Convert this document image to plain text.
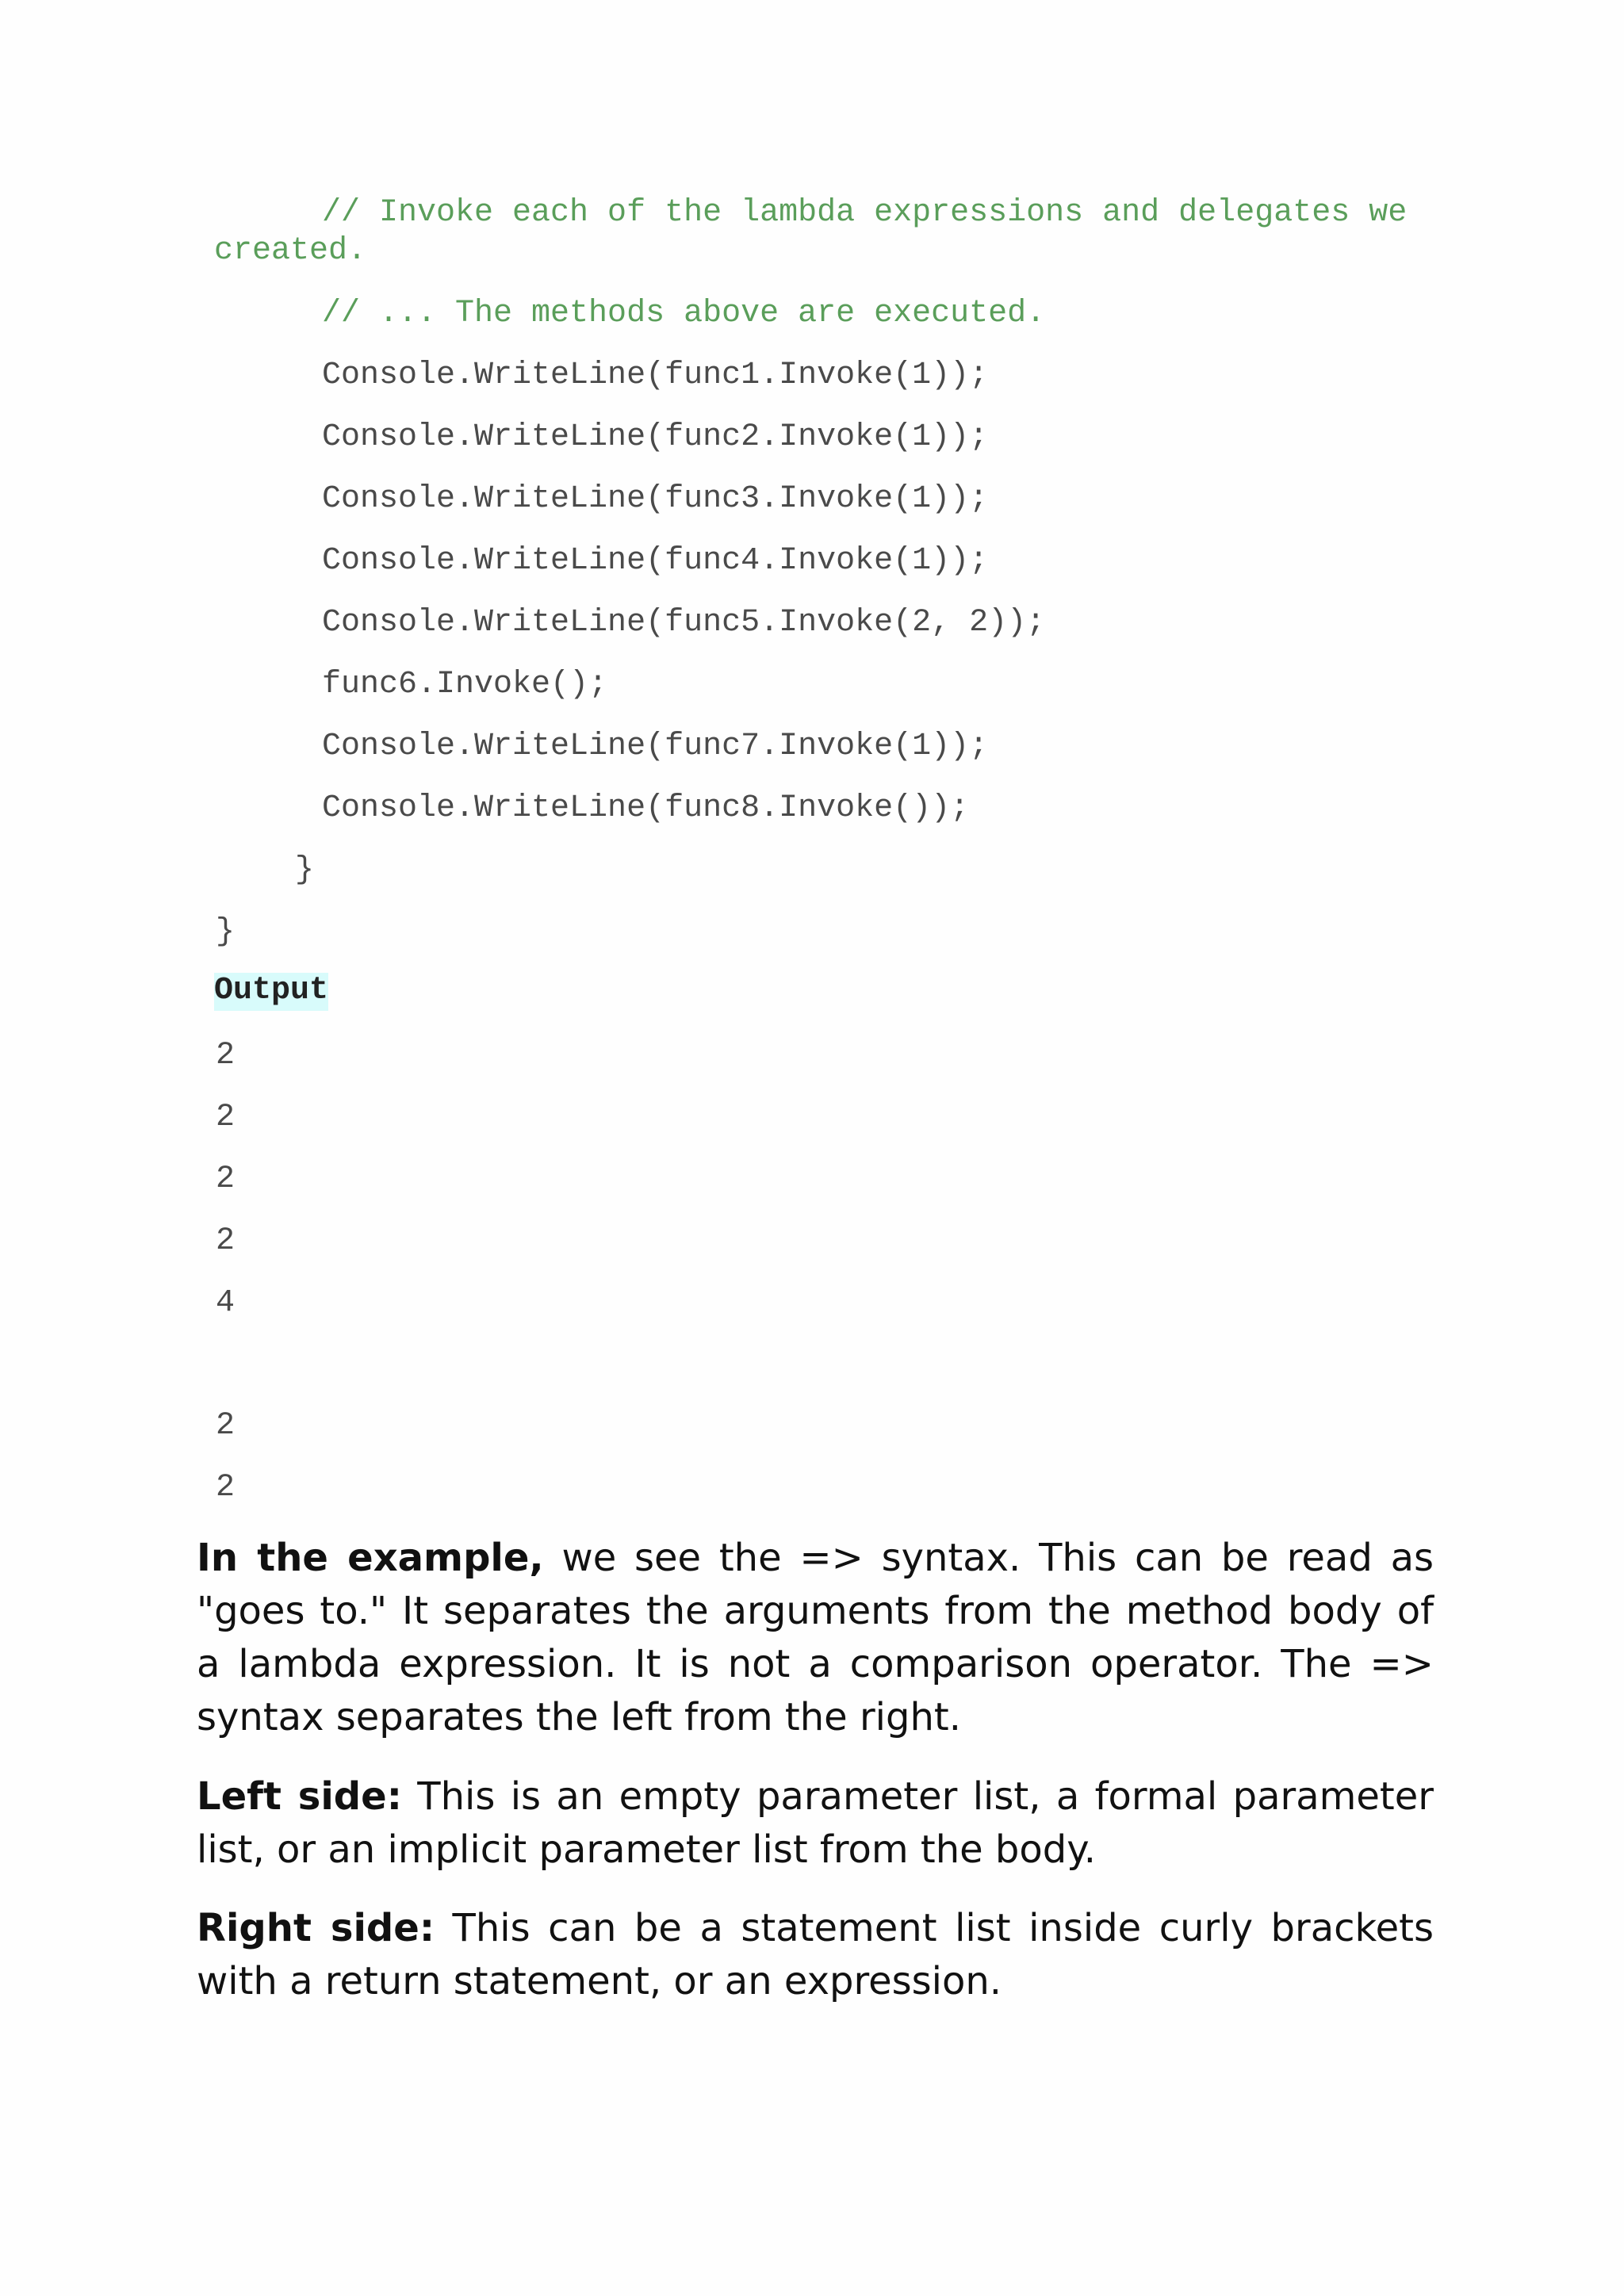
// Invoke each of the lambda expressions and delegates we created.
// ... The methods above are executed.
Console.WriteLine(func1.Invoke(1));
Console.WriteLine(func2.Invoke(1));
Console.WriteLine(func3.Invoke(1));
Console.WriteLine(func4.Invoke(1));
Console.WriteLine(func5.Invoke(2, 2));
func6.Invoke();
Console.WriteLine(func7.Invoke(1));
Console.WriteLine(func8.Invoke());
}
}
Output
2
2
2
2
4
2
2

In the example, we see the => syntax. This can be read as "goes to." It separates the arguments from the method body of a lambda expression. It is not a comparison operator. The => syntax separates the left from the right.

Left side: This is an empty parameter list, a formal parameter list, or an implicit parameter list from the body.

Right side: This can be a statement list inside curly brackets with a return statement, or an expression.
